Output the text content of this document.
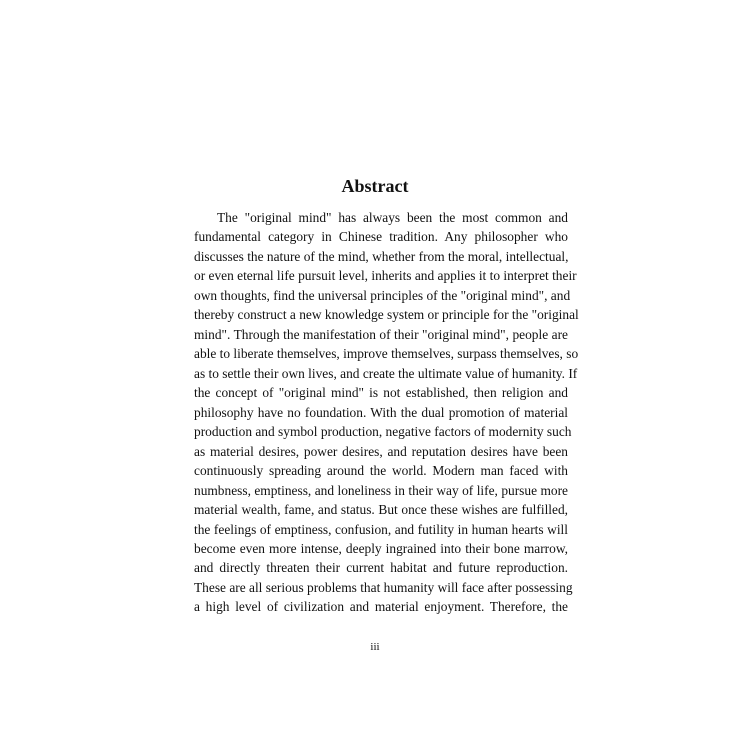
Abstract
The "original mind" has always been the most common and
fundamental category in Chinese tradition. Any philosopher who
discusses the nature of the mind, whether from the moral, intellectual,
or even eternal life pursuit level, inherits and applies it to interpret their
own thoughts, find the universal principles of the "original mind", and
thereby construct a new knowledge system or principle for the "original
mind". Through the manifestation of their "original mind", people are
able to liberate themselves, improve themselves, surpass themselves, so
as to settle their own lives, and create the ultimate value of humanity. If
the concept of "original mind" is not established, then religion and
philosophy have no foundation. With the dual promotion of material
production and symbol production, negative factors of modernity such
as material desires, power desires, and reputation desires have been
continuously spreading around the world. Modern man faced with
numbness, emptiness, and loneliness in their way of life, pursue more
material wealth, fame, and status. But once these wishes are fulfilled,
the feelings of emptiness, confusion, and futility in human hearts will
become even more intense, deeply ingrained into their bone marrow,
and directly threaten their current habitat and future reproduction.
These are all serious problems that humanity will face after possessing
a high level of civilization and material enjoyment. Therefore, the
iii
